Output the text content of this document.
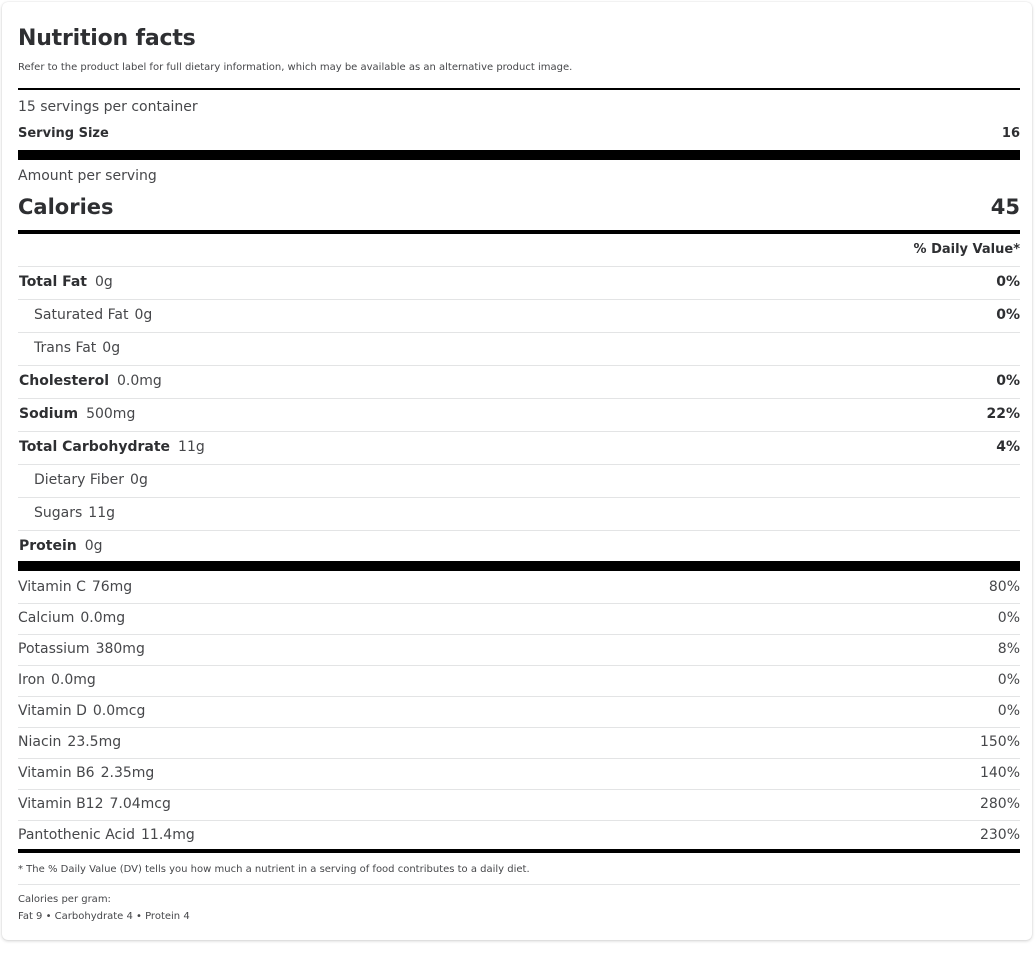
Nutrition facts
Refer to the product label for full dietary information, which may be available as an alternative product image.
15 servings per container
Serving Size	16
Amount per serving
Calories	45
% Daily Value*
Total Fat 0g	0%
Saturated Fat 0g	0%
Trans Fat 0g
Cholesterol 0.0mg	0%
Sodium 500mg	22%
Total Carbohydrate 11g	4%
Dietary Fiber 0g
Sugars 11g
Protein 0g
Vitamin C 76mg	80%
Calcium 0.0mg	0%
Potassium 380mg	8%
Iron 0.0mg	0%
Vitamin D 0.0mcg	0%
Niacin 23.5mg	150%
Vitamin B6 2.35mg	140%
Vitamin B12 7.04mcg	280%
Pantothenic Acid 11.4mg	230%
* The % Daily Value (DV) tells you how much a nutrient in a serving of food contributes to a daily diet.
Calories per gram:
Fat 9 • Carbohydrate 4 • Protein 4
